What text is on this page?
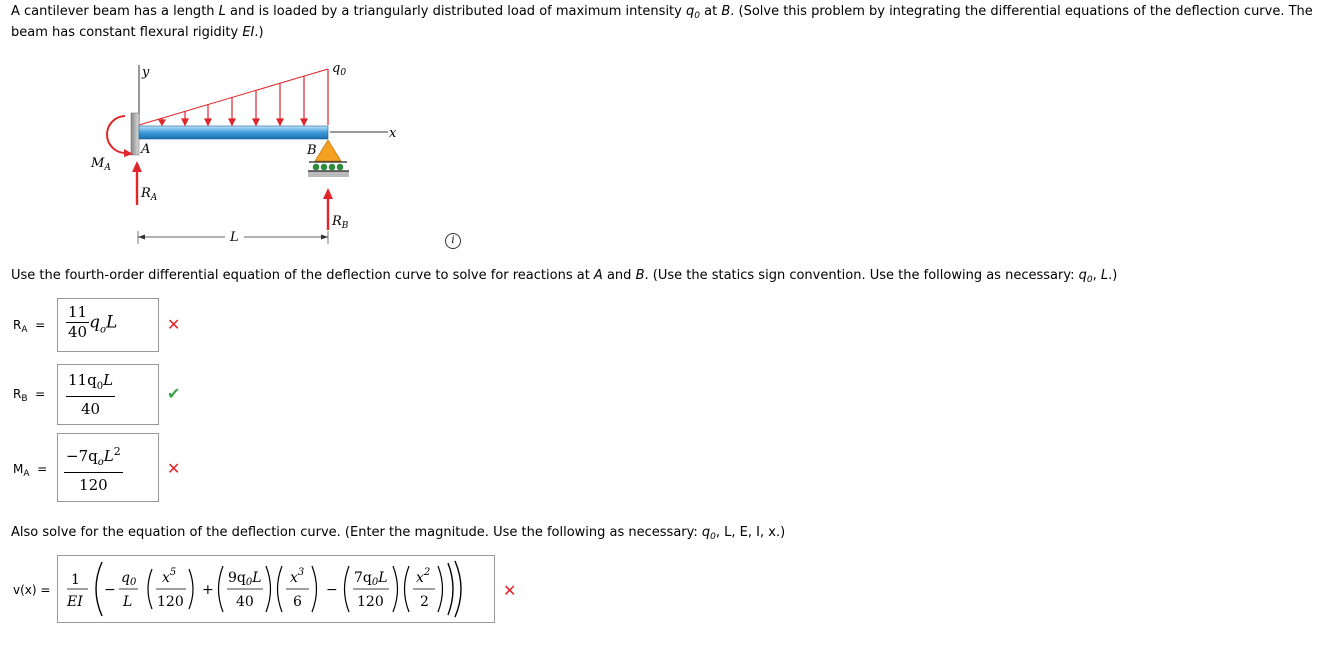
A cantilever beam has a length L and is loaded by a triangularly distributed load of maximum intensity $q_0$ at B. (Solve this problem by integrating the differential equations of the deflection curve. The beam has constant flexural rigidity EI.)
y
x
$q_0$
$M_A$
A
$R_A$
B
$R_B$
L	i
Use the fourth-order differential equation of the deflection curve to solve for reactions at A and B. (Use the statics sign convention. Use the following as necessary: $q_0$, L.)
$R_A = \frac{11}{40} q_oL$	✕
$R_B = \frac{11q_0L}{40}$	✔
$M_A = \frac{-7q_oL^2}{120}$	✕
Also solve for the equation of the deflection curve. (Enter the magnitude. Use the following as necessary: $q_0$, L, E, I, x.)
v(x) =
1
EI
−
$q_0$
L
$x^5$
120
+
$9q_0L$
40
$x^3$
6
−
$7q_0L$
120
$x^2$
2
✕
